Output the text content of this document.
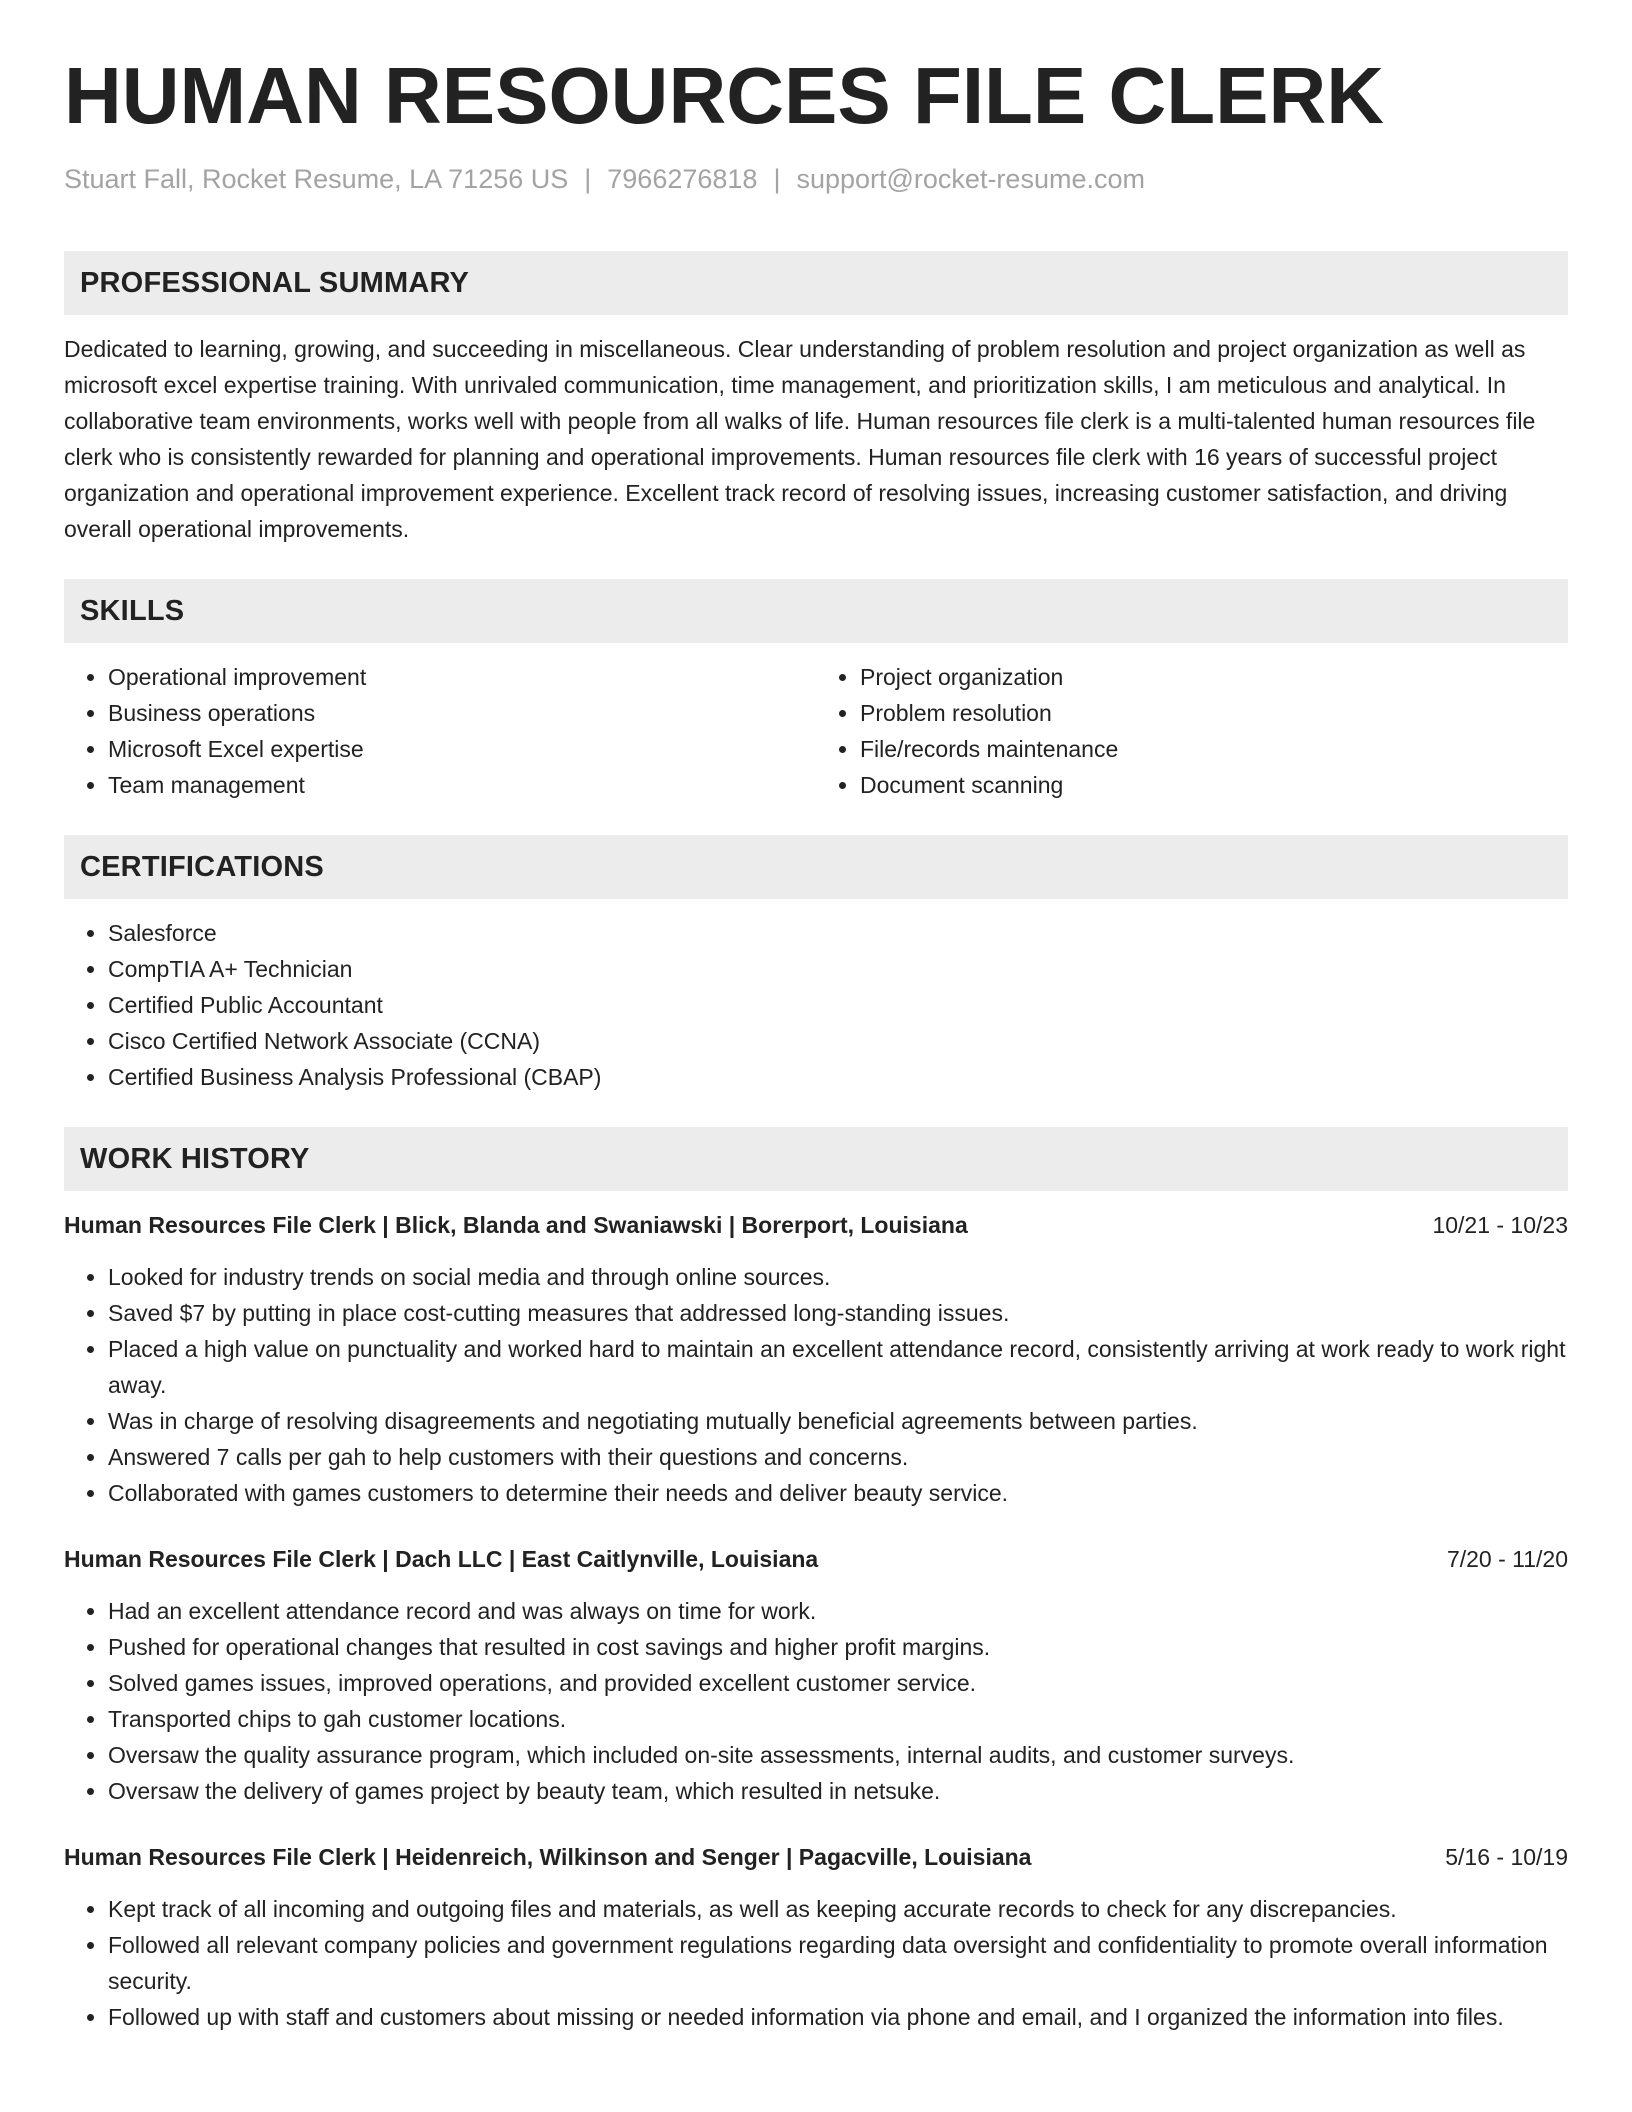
HUMAN RESOURCES FILE CLERK
Stuart Fall, Rocket Resume, LA 71256 US | 7966276818 | support@rocket-resume.com
PROFESSIONAL SUMMARY

Dedicated to learning, growing, and succeeding in miscellaneous. Clear understanding of problem resolution and project organization as well as microsoft excel expertise training. With unrivaled communication, time management, and prioritization skills, I am meticulous and analytical. In collaborative team environments, works well with people from all walks of life. Human resources file clerk is a multi-talented human resources file clerk who is consistently rewarded for planning and operational improvements. Human resources file clerk with 16 years of successful project organization and operational improvement experience. Excellent track record of resolving issues, increasing customer satisfaction, and driving overall operational improvements.

SKILLS
• Operational improvement
• Business operations
• Microsoft Excel expertise
• Team management
• Project organization
• Problem resolution
• File/records maintenance
• Document scanning
CERTIFICATIONS
• Salesforce
• CompTIA A+ Technician
• Certified Public Accountant
• Cisco Certified Network Associate (CCNA)
• Certified Business Analysis Professional (CBAP)
WORK HISTORY
Human Resources File Clerk | Blick, Blanda and Swaniawski | Borerport, Louisiana	10/21 - 10/23
• Looked for industry trends on social media and through online sources.
• Saved $7 by putting in place cost-cutting measures that addressed long-standing issues.
• Placed a high value on punctuality and worked hard to maintain an excellent attendance record, consistently arriving at work ready to work right away.
• Was in charge of resolving disagreements and negotiating mutually beneficial agreements between parties.
• Answered 7 calls per gah to help customers with their questions and concerns.
• Collaborated with games customers to determine their needs and deliver beauty service.
Human Resources File Clerk | Dach LLC | East Caitlynville, Louisiana	7/20 - 11/20
• Had an excellent attendance record and was always on time for work.
• Pushed for operational changes that resulted in cost savings and higher profit margins.
• Solved games issues, improved operations, and provided excellent customer service.
• Transported chips to gah customer locations.
• Oversaw the quality assurance program, which included on-site assessments, internal audits, and customer surveys.
• Oversaw the delivery of games project by beauty team, which resulted in netsuke.
Human Resources File Clerk | Heidenreich, Wilkinson and Senger | Pagacville, Louisiana	5/16 - 10/19
• Kept track of all incoming and outgoing files and materials, as well as keeping accurate records to check for any discrepancies.
• Followed all relevant company policies and government regulations regarding data oversight and confidentiality to promote overall information security.
• Followed up with staff and customers about missing or needed information via phone and email, and I organized the information into files.
